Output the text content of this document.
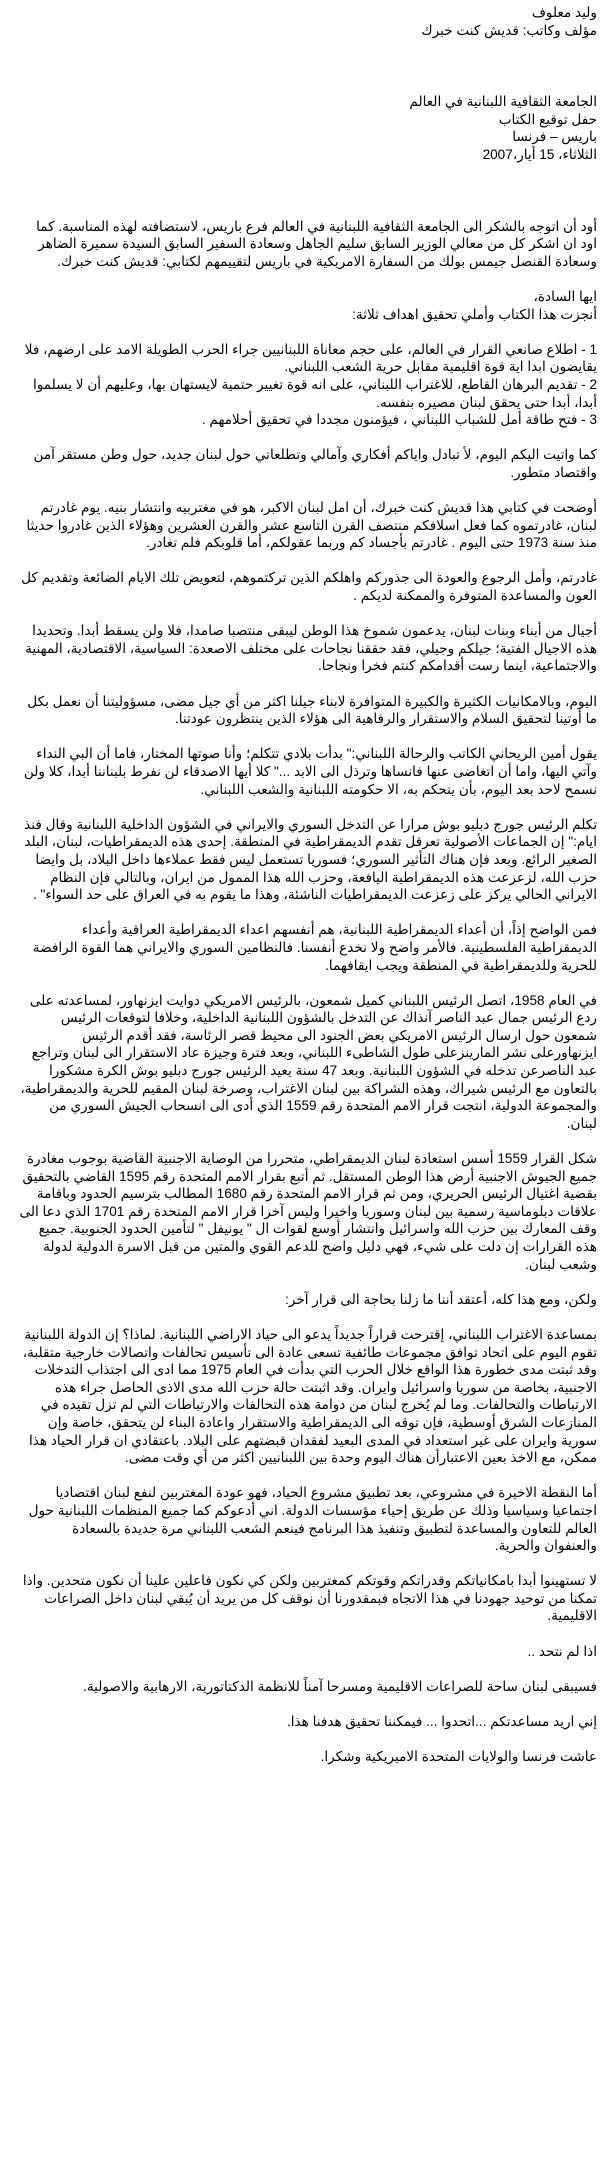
وليد معلوف
مؤلف وكاتب: قديش كنت خبرك
الجامعة الثقافية اللبنانية في العالم
حفل توقيع الكتاب
باريس – فرنسا
الثلاثاء، 15 أيار،2007

أود أن اتوجه بالشكر الى الجامعة الثقافية اللبنانية في العالم فرع باريس، لاستضافته لهذه المناسبة. كما اود ان اشكر كل من معالي الوزير السابق سليم الجاهل وسعادة السفير السابق السيدة سميرة الضاهر وسعادة القنصل جيمس بولك من السفارة الامريكية في باريس لتقييمهم لكتابي: قديش كنت خبرك.

ايها السادة،
أنجزت هذا الكتاب وأملي تحقيق اهداف ثلاثة:
1 - اطلاع صانعي القرار في العالم، على حجم معاناة اللبنانيين جراء الحرب الطويلة الامد على ارضهم، فلا يقايضون ابدا اية قوة اقليمية مقابل حرية الشعب اللبناني.
2 - تقديم البرهان القاطع، للاغتراب اللبناني، على انه قوة تغيير حتمية لايستهان بها، وعليهم أن لا يسلموا أبدا، أبدا حتى يحقق لبنان مصيره بنفسه.
3 - فتح طاقة أمل للشباب اللبناني ، فيؤمنون مجددا في تحقيق أحلامهم .

كما واتيت اليكم اليوم، لأ تبادل واياكم أفكاري وآمالي وتطلعاتي حول لبنان جديد، حول وطن مستقر آمن واقتصاد متطور.

أوضحت في كتابي هذا قديش كنت خبرك، أن امل لبنان الاكبر، هو في مغتربيه وانتشار بنيه. يوم غادرتم لبنان، غادرتموه كما فعل اسلافكم منتصف القرن التاسع عشر والقرن العشرين وهؤلاء الذين غادروا حديثا منذ سنة 1973 حتى اليوم . غادرتم بأجساد كم وربما عقولكم، أما قلوبكم فلم تغادر.

غادرتم، وأمل الرجوع والعودة الى جذوركم واهلكم الذين تركتموهم، لتعويض تلك الايام الضائعة وتقديم كل العون والمساعدة المتوفرة والممكنة لديكم .

أجيال من أبناء وبنات لبنان، يدعمون شموخ هذا الوطن ليبقى منتصبا صامدا، فلا ولن يسقط أبدا. وتحديدا هذه الاجيال الفتية؛ جيلكم وجيلي، فقد حققنا نجاحات على مختلف الاصعدة: السياسية، الاقتصادية، المهنية والاجتماعية، اينما رست أقدامكم كنتم فخرا ونجاحا.

اليوم، وبالامكانيات الكثيرة والكبيرة المتوافرة لابناء جيلنا اكثر من أي جيل مضى، مسؤوليتنا أن نعمل بكل ما أوتينا لتحقيق السلام والاستقرار والرفاهية الى هؤلاء الذين ينتظرون عودتنا.

يقول أمين الريحاني الكاتب والرحالة اللبناني:" بدأت بلادي تتكلم؛ وأنا صوتها المختار، فاما أن البي النداء وآتي اليها، واما أن اتغاضى عنها فانساها وترذل الى الابد ..." كلا أيها الاصدقاء لن نفرط بلبناننا أبدا، كلا ولن نسمح لاحد بعد اليوم، بأن يتحكم به، الا حكومته اللبنانية والشعب اللبناني.

تكلم الرئيس جورج دبليو بوش مرارا عن التدخل السوري والايراني في الشؤون الداخلية اللبنانية وقال فنذ ايام:" إن الجماعات الأصولية تعرقل تقدم الديمقراطية في المنطقة. إحدى هذه الديمقراطيات، لبنان، البلد الصغير الرائع. وبعد فإن هناك التأثير السوري؛ فسوريا تستعمل ليس فقط عملاءها داخل البلاد، بل وايضا حزب الله، لزعزعت هذه الديمقراطية اليافعة، وحزب الله هذا الممول من ايران، وبالتالي فإن النظام الايراني الحالي يركز على زعزعت الديمقراطيات الناشئة، وهذا ما يقوم به في العراق على حد السواء" .

فمن الواضح إذاً، أن أعداء الديمقراطية اللبنانية، هم أنفسهم اعداء الديمقراطية العراقية وأعداء الديمقراطية الفلسطينية. فالأمر واضح ولا نخدع أنفسنا. فالنظامين السوري والايراني هما القوة الرافضة للحرية وللديمقراطية في المنطقة ويجب ايقافهما.

في العام 1958، اتصل الرئيس اللبناني كميل شمعون، بالرئيس الامريكي دوايت ايزنهاور، لمساعدته على ردع الرئيس جمال عبد الناصر آنذاك عن التدخل بالشؤون اللبنانية الداخلية، وخلافا لتوقعات الرئيس شمعون حول ارسال الرئيس الامريكي بعض الجنود الى محيط قصر الرئاسة، فقد أقدم الرئيس ايزنهاورعلى نشر المارينزعلى طول الشاطىء اللبناني، وبعد فترة وجيزة عاد الاستقرار الى لبنان وتراجع عبد الناصرعن تدخله في الشؤون اللبنانية. وبعد 47 سنة يعيد الرئيس جورج دبليو بوش الكرة مشكورا بالتعاون مع الرئيس شيراك، وهذه الشراكة بين لبنان الاغتراب، وصرخة لبنان المقيم للحرية والديمقراطية، والمجموعة الدولية، انتجت قرار الامم المتحدة رقم 1559 الذي أدى الى انسحاب الجيش السوري من لبنان.

شكل القرار 1559 أسس استعادة لبنان الديمقراطي، متحررا من الوصاية الاجنبية القاضية بوجوب مغادرة جميع الجيوش الاجنبية أرض هذا الوطن المستقل. ثم أتبع بقرار الامم المتحدة رقم 1595 القاضي بالتحقيق بقضية اغتيال الرئيس الحريري، ومن ثم قرار الامم المتحدة رقم 1680 المطالب بترسيم الحدود وباقامة علاقات دبلوماسية رسمية بين لبنان وسوريا واخيرا وليس آخرا قرار الامم المتحدة رقم 1701 الذي دعا الى وقف المعارك بين حزب الله واسرائيل وانتشار أوسع لقوات ال " يونيفل " لتأمين الحدود الجنوبية. جميع هذه القرارات إن دلت على شيء، فهي دليل واضح للدعم القوي والمتين من قبل الاسرة الدولية لدولة وشعب لبنان.

ولكن، ومع هذا كله، أعتقد أننا ما زلنا بحاجة الى قرار آخر:

بمساعدة الاغتراب اللبناني، إقترحت قراراً جديداً يدعو الى حياد الاراضي اللبنانية. لماذا؟ إن الدولة اللبنانية تقوم اليوم على اتحاد توافق مجموعات طائفية تسعى عادة الى تأسيس تحالفات واتصالات خارجية متقلبة، وقد ثبتت مدى خطورة هذا الواقع خلال الحرب التي بدأت في العام 1975 مما ادى الى اجتذاب التدخلات الاجنبية، بخاصة من سوريا واسرائيل وايران. وقد اثبتت حالة حزب الله مدى الاذى الحاصل جراء هذه الارتباطات والتحالفات. وما لم يُخرج لبنان من دوامة هذه التحالفات والارتباطات التي لم تزل تقيده في المنازعات الشرق أوسطية، فإن توقه الى الديمقراطية والاستقرار واعادة البناء لن يتحقق، خاصة وإن سورية وايران على غير استعداد في المدى البعيد لفقدان قبضتهم على البلاد. باعتقادي ان قرار الحياد هذا ممكن، مع الاخذ بعين الاعتبارأن هناك اليوم وحدة بين اللبنانيين اكثر من أي وقت مضى.

أما النقطة الاخيرة في مشروعي، بعد تطبيق مشروع الحياد، فهو عودة المغتربين لنفع لبنان اقتصاديا اجتماعيا وسياسيا وذلك عن طريق إحياء مؤسسات الدولة. اني أدعوكم كما جميع المنظمات اللبنانية حول العالم للتعاون والمساعدة لتطبيق وتنفيذ هذا البرنامج فينعم الشعب اللبناني مرة جديدة بالسعادة والعنفوان والحرية.

لا تستهينوا أبدا بامكانياتكم وقدراتكم وقوتكم كمغتربين ولكن كي نكون فاعلين علينا أن نكون متحدين. واذا تمكنا من توحيد جهودنا في هذا الاتجاه فبمقدورنا أن نوقف كل من يريد أن يُبقي لبنان داخل الصراعات الاقليمية.

اذا لم نتحد ..

فسيبقى لبنان ساحة للصراعات الاقليمية ومسرحا آمناً للانظمة الدكتاتورية، الارهابية والاصولية.

إني اريد مساعدتكم ...اتحدوا ... فيمكننا تحقيق هدفنا هذا.

عاشت فرنسا والولايات المتحدة الاميريكية وشكرا.
